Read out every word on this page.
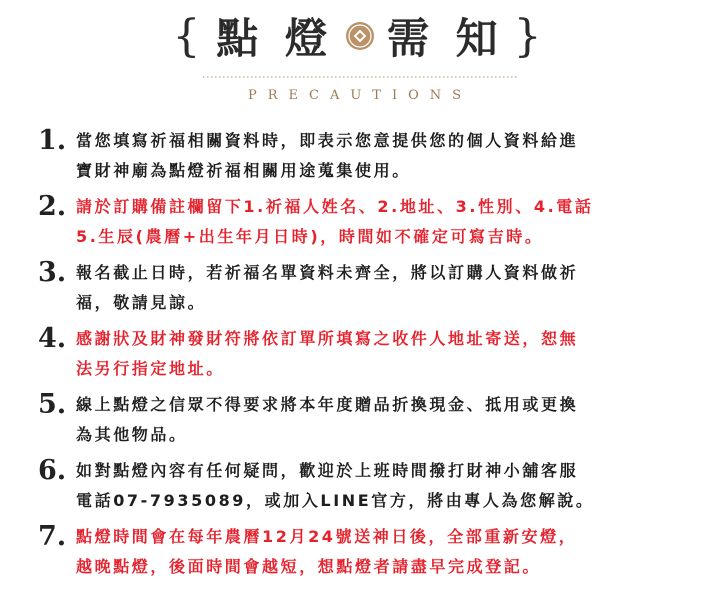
{ 點 燈 需 知 }
PRECAUTIONS
1. 當您填寫祈福相關資料時，即表示您意提供您的個人資料給進
寶財神廟為點燈祈福相關用途蒐集使用。
2. 請於訂購備註欄留下1.祈福人姓名、2.地址、3.性別、4.電話
5.生辰(農曆+出生年月日時)，時間如不確定可寫吉時。
3. 報名截止日時，若祈福名單資料未齊全，將以訂購人資料做祈
福，敬請見諒。
4. 感謝狀及財神發財符將依訂單所填寫之收件人地址寄送，恕無
法另行指定地址。
5. 線上點燈之信眾不得要求將本年度贈品折換現金、抵用或更換
為其他物品。
6. 如對點燈內容有任何疑問，歡迎於上班時間撥打財神小舖客服
電話07-7935089，或加入LINE官方，將由專人為您解說。
7. 點燈時間會在每年農曆12月24號送神日後，全部重新安燈，
越晚點燈，後面時間會越短，想點燈者請盡早完成登記。
